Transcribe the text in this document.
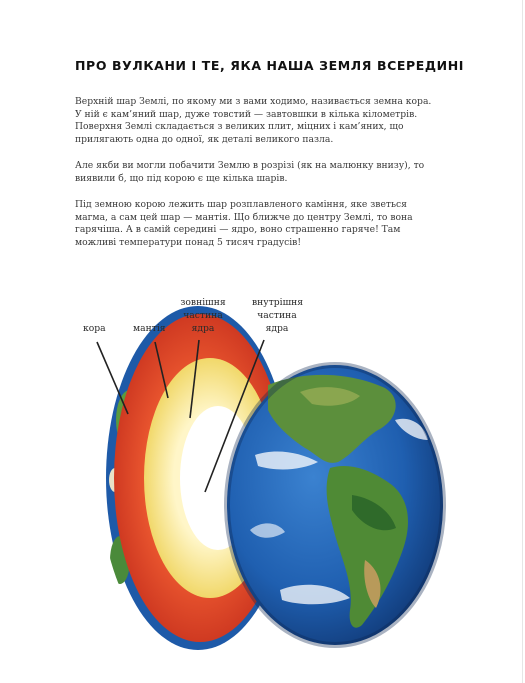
ПРО ВУЛКАНИ І ТЕ, ЯКА НАША ЗЕМЛЯ ВСЕРЕДИНІ

Верхній шар Землі, по якому ми з вами ходимо, називається земна кора. У ній є кам’яний шар, дуже товстий — завтовшки в кілька кілометрів. Поверхня Землі складається з великих плит, міцних і кам’яних, що прилягають одна до одної, як деталі великого пазла.

Але якби ви могли побачити Землю в розрізі (як на малюнку внизу), то виявили б, що під корою є ще кілька шарів.

Під земною корою лежить шар розплавленого каміння, яке зветься магма, а сам цей шар — мантія. Що ближче до центру Землі, то вона гарячіша. А в самій середині — ядро, воно страшенно гаряче! Там можливі температури понад 5 тисяч градусів!

кора	мантія
зовнішня частина ядра
внутрішня частина ядра
